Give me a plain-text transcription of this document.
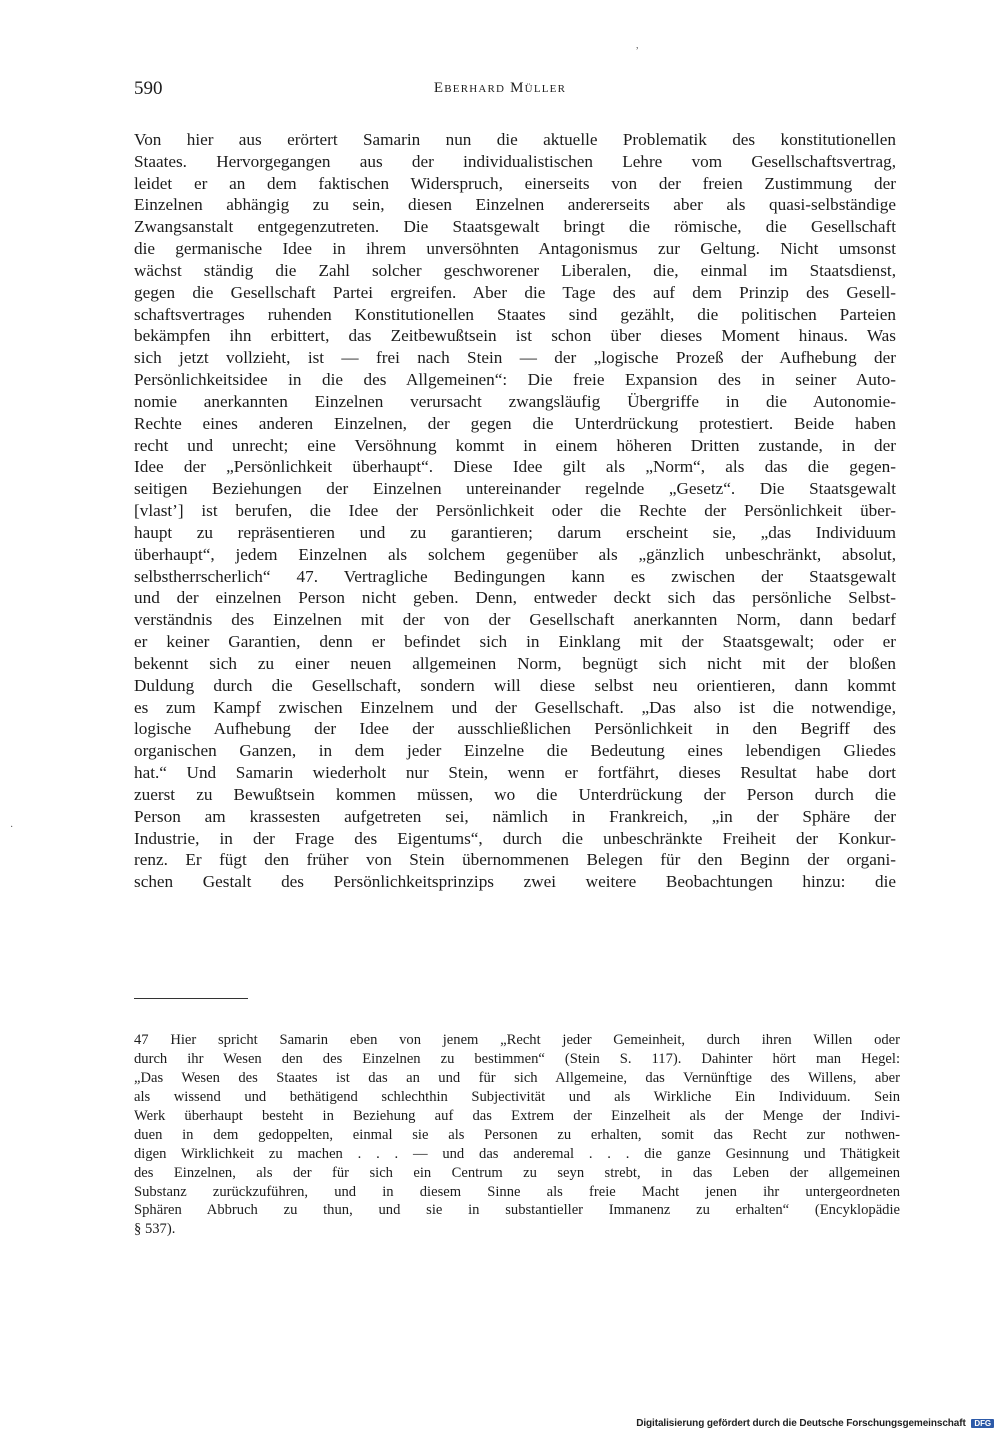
590	Eberhard Müller
,
·
Von hier aus erörtert Samarin nun die aktuelle Problematik des konstitutionellen
Staates. Hervorgegangen aus der individualistischen Lehre vom Gesellschaftsvertrag,
leidet er an dem faktischen Widerspruch, einerseits von der freien Zustimmung der
Einzelnen abhängig zu sein, diesen Einzelnen andererseits aber als quasi-selbständige
Zwangsanstalt entgegenzutreten. Die Staatsgewalt bringt die römische, die Gesellschaft
die germanische Idee in ihrem unversöhnten Antagonismus zur Geltung. Nicht umsonst
wächst ständig die Zahl solcher geschworener Liberalen, die, einmal im Staatsdienst,
gegen die Gesellschaft Partei ergreifen. Aber die Tage des auf dem Prinzip des Gesell-
schaftsvertrages ruhenden Konstitutionellen Staates sind gezählt, die politischen Parteien
bekämpfen ihn erbittert, das Zeitbewußtsein ist schon über dieses Moment hinaus. Was
sich jetzt vollzieht, ist — frei nach Stein — der „logische Prozeß der Aufhebung der
Persönlichkeitsidee in die des Allgemeinen“: Die freie Expansion des in seiner Auto-
nomie anerkannten Einzelnen verursacht zwangsläufig Übergriffe in die Autonomie-
Rechte eines anderen Einzelnen, der gegen die Unterdrückung protestiert. Beide haben
recht und unrecht; eine Versöhnung kommt in einem höheren Dritten zustande, in der
Idee der „Persönlichkeit überhaupt“. Diese Idee gilt als „Norm“, als das die gegen-
seitigen Beziehungen der Einzelnen untereinander regelnde „Gesetz“. Die Staatsgewalt
[vlast’] ist berufen, die Idee der Persönlichkeit oder die Rechte der Persönlichkeit über-
haupt zu repräsentieren und zu garantieren; darum erscheint sie, „das Individuum
überhaupt“, jedem Einzelnen als solchem gegenüber als „gänzlich unbeschränkt, absolut,
selbstherrscherlich“ 47. Vertragliche Bedingungen kann es zwischen der Staatsgewalt
und der einzelnen Person nicht geben. Denn, entweder deckt sich das persönliche Selbst-
verständnis des Einzelnen mit der von der Gesellschaft anerkannten Norm, dann bedarf
er keiner Garantien, denn er befindet sich in Einklang mit der Staatsgewalt; oder er
bekennt sich zu einer neuen allgemeinen Norm, begnügt sich nicht mit der bloßen
Duldung durch die Gesellschaft, sondern will diese selbst neu orientieren, dann kommt
es zum Kampf zwischen Einzelnem und der Gesellschaft. „Das also ist die notwendige,
logische Aufhebung der Idee der ausschließlichen Persönlichkeit in den Begriff des
organischen Ganzen, in dem jeder Einzelne die Bedeutung eines lebendigen Gliedes
hat.“ Und Samarin wiederholt nur Stein, wenn er fortfährt, dieses Resultat habe dort
zuerst zu Bewußtsein kommen müssen, wo die Unterdrückung der Person durch die
Person am krassesten aufgetreten sei, nämlich in Frankreich, „in der Sphäre der
Industrie, in der Frage des Eigentums“, durch die unbeschränkte Freiheit der Konkur-
renz. Er fügt den früher von Stein übernommenen Belegen für den Beginn der organi-
schen Gestalt des Persönlichkeitsprinzips zwei weitere Beobachtungen hinzu: die
47 Hier spricht Samarin eben von jenem „Recht jeder Gemeinheit, durch ihren Willen oder
durch ihr Wesen den des Einzelnen zu bestimmen“ (Stein S. 117). Dahinter hört man Hegel:
„Das Wesen des Staates ist das an und für sich Allgemeine, das Vernünftige des Willens, aber
als wissend und bethätigend schlechthin Subjectivität und als Wirkliche Ein Individuum. Sein
Werk überhaupt besteht in Beziehung auf das Extrem der Einzelheit als der Menge der Indivi-
duen in dem gedoppelten, einmal sie als Personen zu erhalten, somit das Recht zur nothwen-
digen Wirklichkeit zu machen . . . — und das anderemal . . . die ganze Gesinnung und Thätigkeit
des Einzelnen, als der für sich ein Centrum zu seyn strebt, in das Leben der allgemeinen
Substanz zurückzuführen, und in diesem Sinne als freie Macht jenen ihr untergeordneten
Sphären Abbruch zu thun, und sie in substantieller Immanenz zu erhalten“ (Encyklopädie
§ 537).
Digitalisierung gefördert durch die Deutsche Forschungsgemeinschaft DFG
